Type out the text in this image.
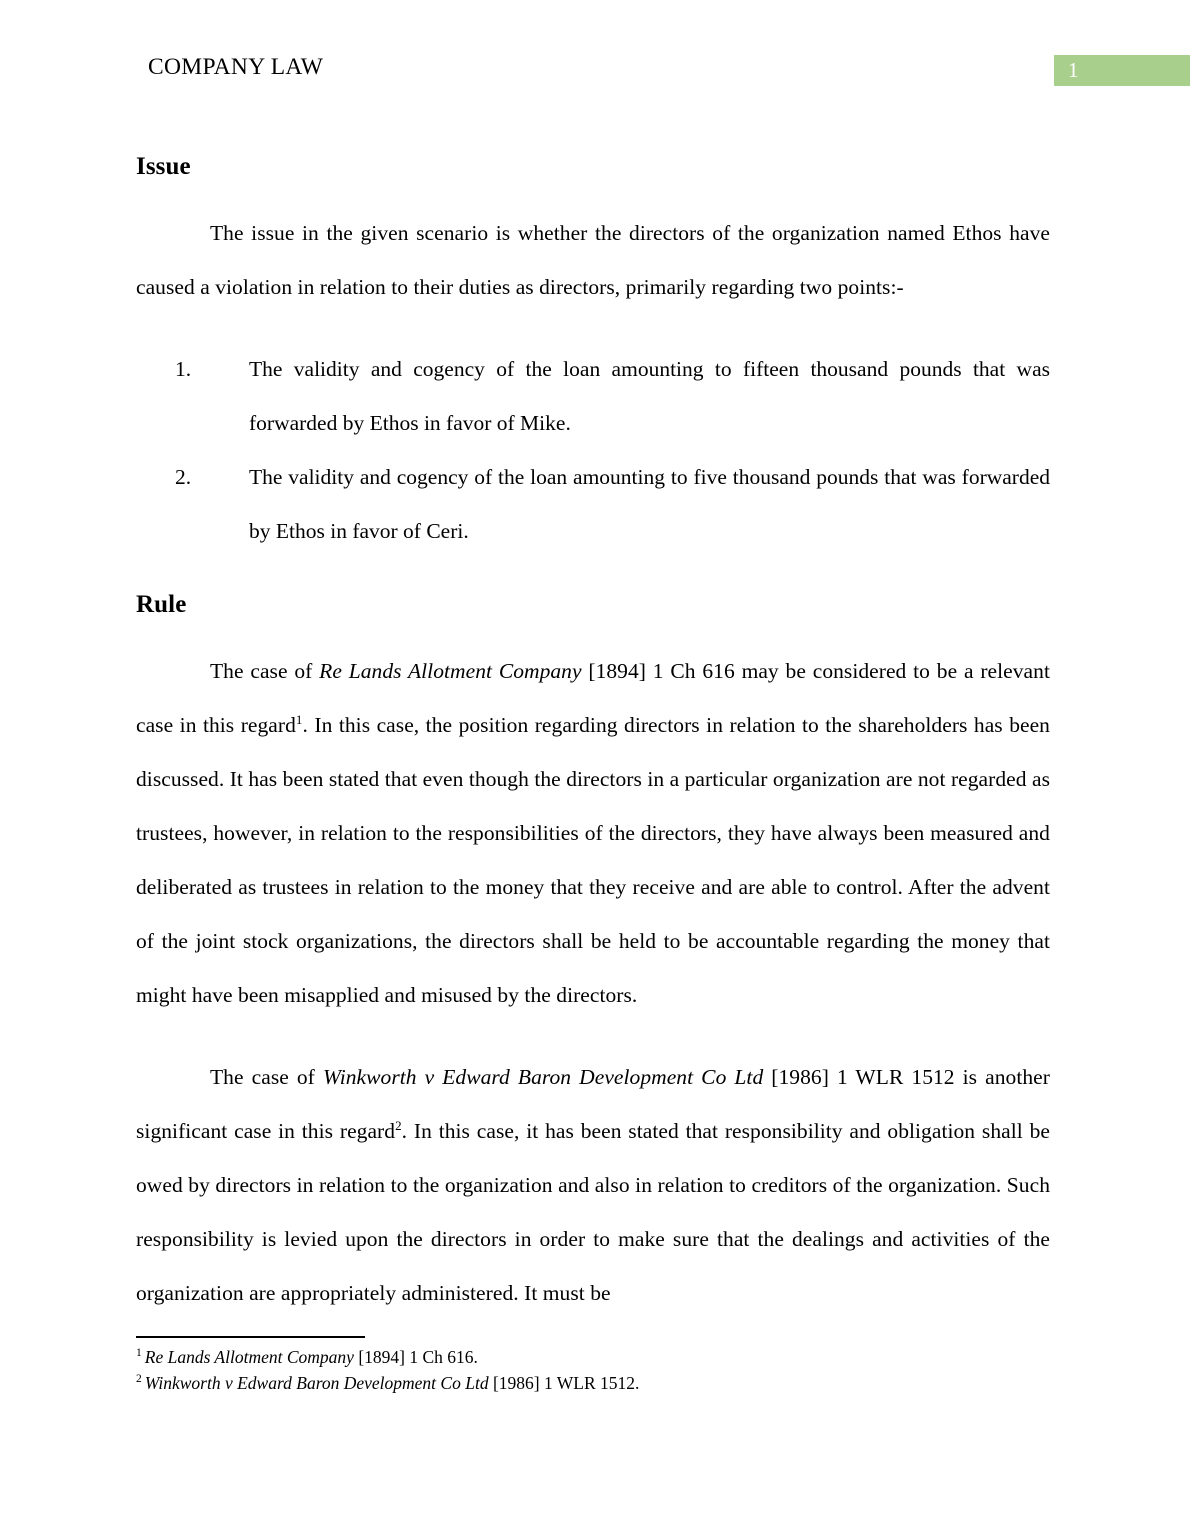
COMPANY LAW	1
Issue

The issue in the given scenario is whether the directors of the organization named Ethos have caused a violation in relation to their duties as directors, primarily regarding two points:-

The validity and cogency of the loan amounting to fifteen thousand pounds that was forwarded by Ethos in favor of Mike.
The validity and cogency of the loan amounting to five thousand pounds that was forwarded by Ethos in favor of Ceri.
Rule

The case of Re Lands Allotment Company [1894] 1 Ch 616 may be considered to be a relevant case in this regard$^1$. In this case, the position regarding directors in relation to the shareholders has been discussed. It has been stated that even though the directors in a particular organization are not regarded as trustees, however, in relation to the responsibilities of the directors, they have always been measured and deliberated as trustees in relation to the money that they receive and are able to control. After the advent of the joint stock organizations, the directors shall be held to be accountable regarding the money that might have been misapplied and misused by the directors.

The case of Winkworth v Edward Baron Development Co Ltd [1986] 1 WLR 1512 is another significant case in this regard$^2$. In this case, it has been stated that responsibility and obligation shall be owed by directors in relation to the organization and also in relation to creditors of the organization. Such responsibility is levied upon the directors in order to make sure that the dealings and activities of the organization are appropriately administered. It must be

$^1$ Re Lands Allotment Company [1894] 1 Ch 616.

$^2$ Winkworth v Edward Baron Development Co Ltd [1986] 1 WLR 1512.
